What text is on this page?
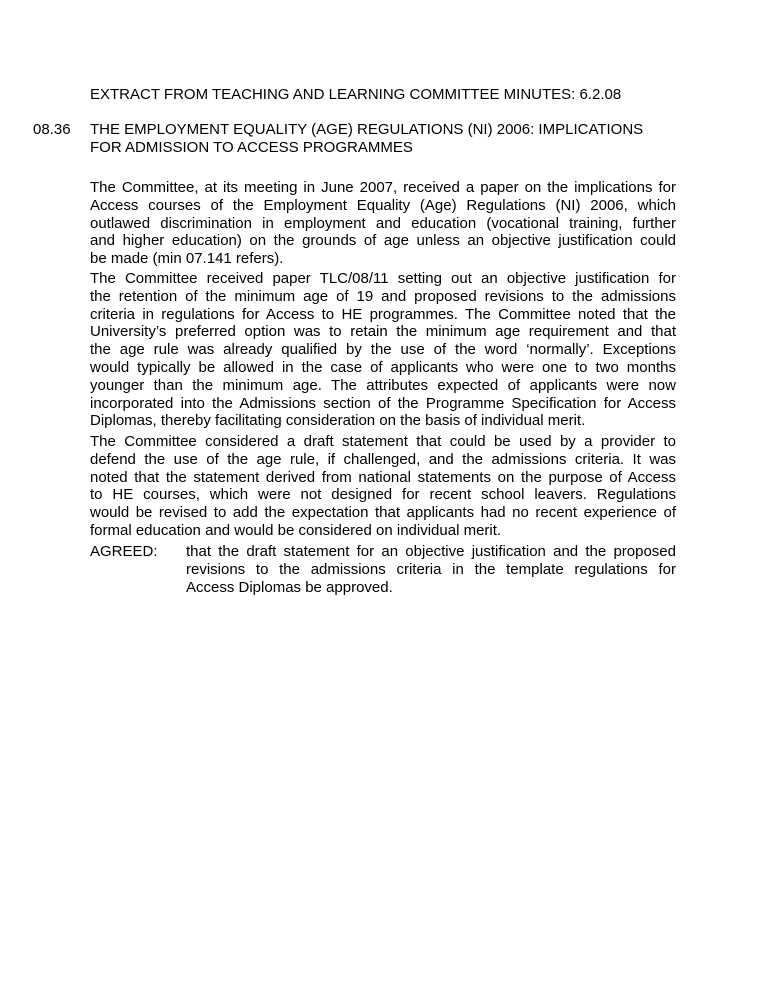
EXTRACT FROM TEACHING AND LEARNING COMMITTEE MINUTES: 6.2.08
08.36 THE EMPLOYMENT EQUALITY (AGE) REGULATIONS (NI) 2006: IMPLICATIONS
FOR ADMISSION TO ACCESS PROGRAMMES
The Committee, at its meeting in June 2007, received a paper on the implications for
Access courses of the Employment Equality (Age) Regulations (NI) 2006, which
outlawed discrimination in employment and education (vocational training, further
and higher education) on the grounds of age unless an objective justification could
be made (min 07.141 refers).
The Committee received paper TLC/08/11 setting out an objective justification for
the retention of the minimum age of 19 and proposed revisions to the admissions
criteria in regulations for Access to HE programmes. The Committee noted that the
University’s preferred option was to retain the minimum age requirement and that
the age rule was already qualified by the use of the word ‘normally’. Exceptions
would typically be allowed in the case of applicants who were one to two months
younger than the minimum age. The attributes expected of applicants were now
incorporated into the Admissions section of the Programme Specification for Access
Diplomas, thereby facilitating consideration on the basis of individual merit.
The Committee considered a draft statement that could be used by a provider to
defend the use of the age rule, if challenged, and the admissions criteria. It was
noted that the statement derived from national statements on the purpose of Access
to HE courses, which were not designed for recent school leavers. Regulations
would be revised to add the expectation that applicants had no recent experience of
formal education and would be considered on individual merit.
AGREED: that the draft statement for an objective justification and the proposed
revisions to the admissions criteria in the template regulations for
Access Diplomas be approved.
